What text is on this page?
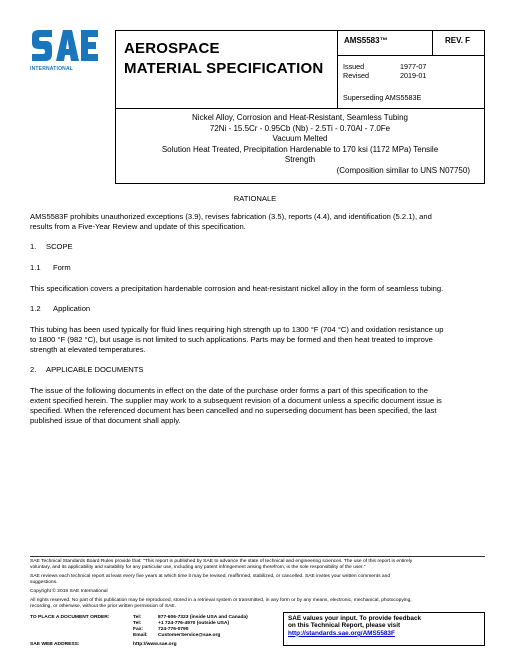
INTERNATIONAL
AEROSPACE
MATERIAL SPECIFICATION
AMS5583™	REV. F
Issued	1977-07
Revised	2019-01
Superseding AMS5583E
Nickel Alloy, Corrosion and Heat-Resistant, Seamless Tubing
72Ni - 15.5Cr - 0.95Cb (Nb) - 2.5Ti - 0.70Al - 7.0Fe
Vacuum Melted
Solution Heat Treated, Precipitation Hardenable to 170 ksi (1172 MPa) Tensile
Strength
(Composition similar to UNS N07750)
RATIONALE
AMS5583F prohibits unauthorized exceptions (3.9), revises fabrication (3.5), reports (4.4), and identification (5.2.1), and
results from a Five-Year Review and update of this specification.
1. SCOPE
1.1 Form
This specification covers a precipitation hardenable corrosion and heat-resistant nickel alloy in the form of seamless tubing.
1.2 Application
This tubing has been used typically for fluid lines requiring high strength up to 1300 °F (704 °C) and oxidation resistance up
to 1800 °F (982 °C), but usage is not limited to such applications. Parts may be formed and then heat treated to improve
strength at elevated temperatures.
2. APPLICABLE DOCUMENTS
The issue of the following documents in effect on the date of the purchase order forms a part of this specification to the
extent specified herein. The supplier may work to a subsequent revision of a document unless a specific document issue is
specified. When the referenced document has been cancelled and no superseding document has been specified, the last
published issue of that document shall apply.
SAE Technical Standards Board Rules provide that: "This report is published by SAE to advance the state of technical and engineering sciences. The use of this report is entirely
voluntary, and its applicability and suitability for any particular use, including any patent infringement arising therefrom, is the sole responsibility of the user."
SAE reviews each technical report at least every five years at which time it may be revised, reaffirmed, stabilized, or cancelled. SAE invites your written comments and
suggestions.
Copyright © 2019 SAE International
All rights reserved. No part of this publication may be reproduced, stored in a retrieval system or transmitted, in any form or by any means, electronic, mechanical, photocopying,
recording, or otherwise, without the prior written permission of SAE.
TO PLACE A DOCUMENT ORDER:	Tel:	877-606-7323 (inside USA and Canada)
Tel:	+1 724-776-4970 (outside USA)
Fax:	724-776-0790
Email: CustomerService@sae.org
SAE WEB ADDRESS:	http://www.sae.org
SAE values your input. To provide feedback
on this Technical Report, please visit
http://standards.sae.org/AMS5583F
